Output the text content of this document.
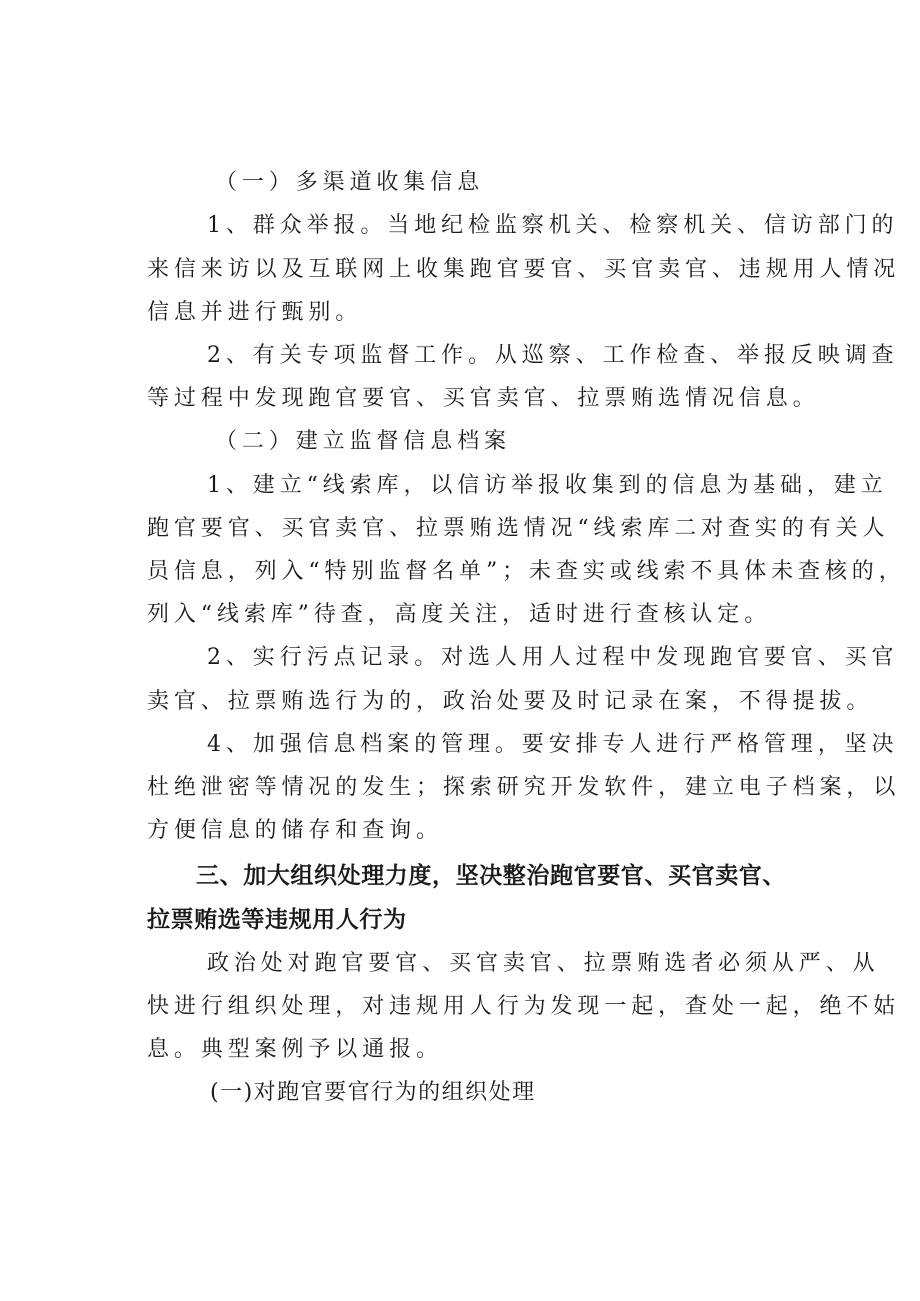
（一）多渠道收集信息
1、群众举报。当地纪检监察机关、检察机关、信访部门的
来信来访以及互联网上收集跑官要官、买官卖官、违规用人情况
信息并进行甄别。
2、有关专项监督工作。从巡察、工作检查、举报反映调查
等过程中发现跑官要官、买官卖官、拉票贿选情况信息。
（二）建立监督信息档案
1、建立“线索库，以信访举报收集到的信息为基础，建立
跑官要官、买官卖官、拉票贿选情况“线索库二对查实的有关人
员信息，列入“特别监督名单”；未查实或线索不具体未查核的，
列入“线索库”待查，高度关注，适时进行查核认定。
2、实行污点记录。对选人用人过程中发现跑官要官、买官
卖官、拉票贿选行为的，政治处要及时记录在案，不得提拔。
4、加强信息档案的管理。要安排专人进行严格管理，坚决
杜绝泄密等情况的发生；探索研究开发软件，建立电子档案，以
方便信息的储存和查询。
三、加大组织处理力度，坚决整治跑官要官、买官卖官、
拉票贿选等违规用人行为
政治处对跑官要官、买官卖官、拉票贿选者必须从严、从
快进行组织处理，对违规用人行为发现一起，查处一起，绝不姑
息。典型案例予以通报。
(一)对跑官要官行为的组织处理
